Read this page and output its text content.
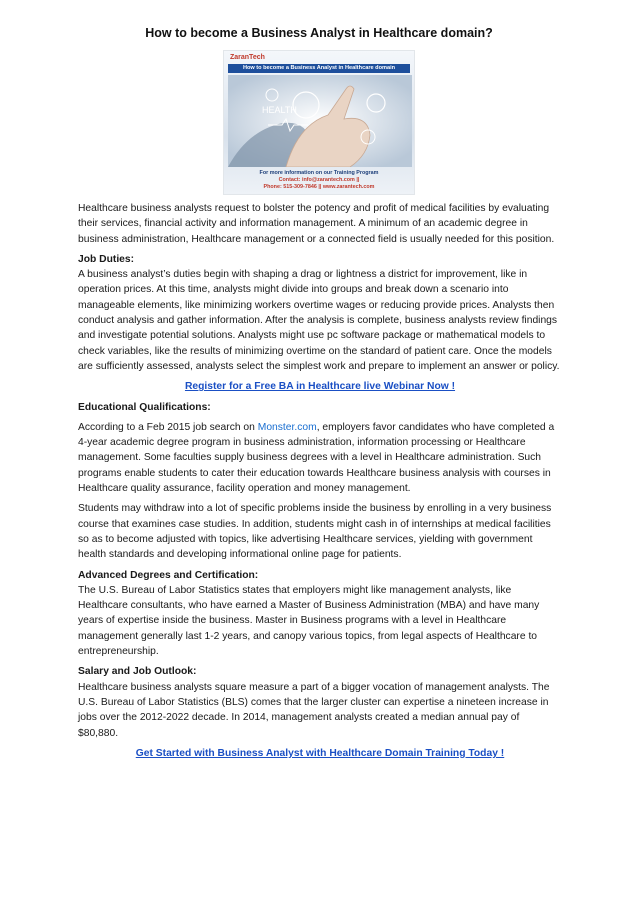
How to become a Business Analyst in Healthcare domain?
ZaranTech
How to become a Business Analyst in Healthcare domain
HEALTH
For more information on our Training Program
Contact: info@zarantech.com ||
Phone: 515-309-7846 || www.zarantech.com

Healthcare business analysts request to bolster the potency and profit of medical facilities by evaluating their services, financial activity and information management. A minimum of an academic degree in business administration, Healthcare management or a connected field is usually needed for this position.

Job Duties:

A business analyst’s duties begin with shaping a drag or lightness a district for improvement, like in operation prices. At this time, analysts might divide into groups and break down a scenario into manageable elements, like minimizing workers overtime wages or reducing provide prices. Analysts then conduct analysis and gather information. After the analysis is complete, business analysts review findings and investigate potential solutions. Analysts might use pc software package or mathematical models to check variables, like the results of minimizing overtime on the standard of patient care. Once the models are sufficiently assessed, analysts select the simplest work and prepare to implement an answer or policy.

Register for a Free BA in Healthcare live Webinar Now !

Educational Qualifications:

According to a Feb 2015 job search on Monster.com, employers favor candidates who have completed a 4-year academic degree program in business administration, information processing or Healthcare management. Some faculties supply business degrees with a level in Healthcare administration. Such programs enable students to cater their education towards Healthcare business analysis with courses in Healthcare quality assurance, facility operation and money management.

Students may withdraw into a lot of specific problems inside the business by enrolling in a very business course that examines case studies. In addition, students might cash in of internships at medical facilities so as to become adjusted with topics, like advertising Healthcare services, yielding with government health standards and developing informational online page for patients.

Advanced Degrees and Certification:

The U.S. Bureau of Labor Statistics states that employers might like management analysts, like Healthcare consultants, who have earned a Master of Business Administration (MBA) and have many years of expertise inside the business. Master in Business programs with a level in Healthcare management generally last 1-2 years, and canopy various topics, from legal aspects of Healthcare to entrepreneurship.

Salary and Job Outlook:

Healthcare business analysts square measure a part of a bigger vocation of management analysts. The U.S. Bureau of Labor Statistics (BLS) comes that the larger cluster can expertise a nineteen increase in jobs over the 2012-2022 decade. In 2014, management analysts created a median annual pay of $80,880.

Get Started with Business Analyst with Healthcare Domain Training Today !
